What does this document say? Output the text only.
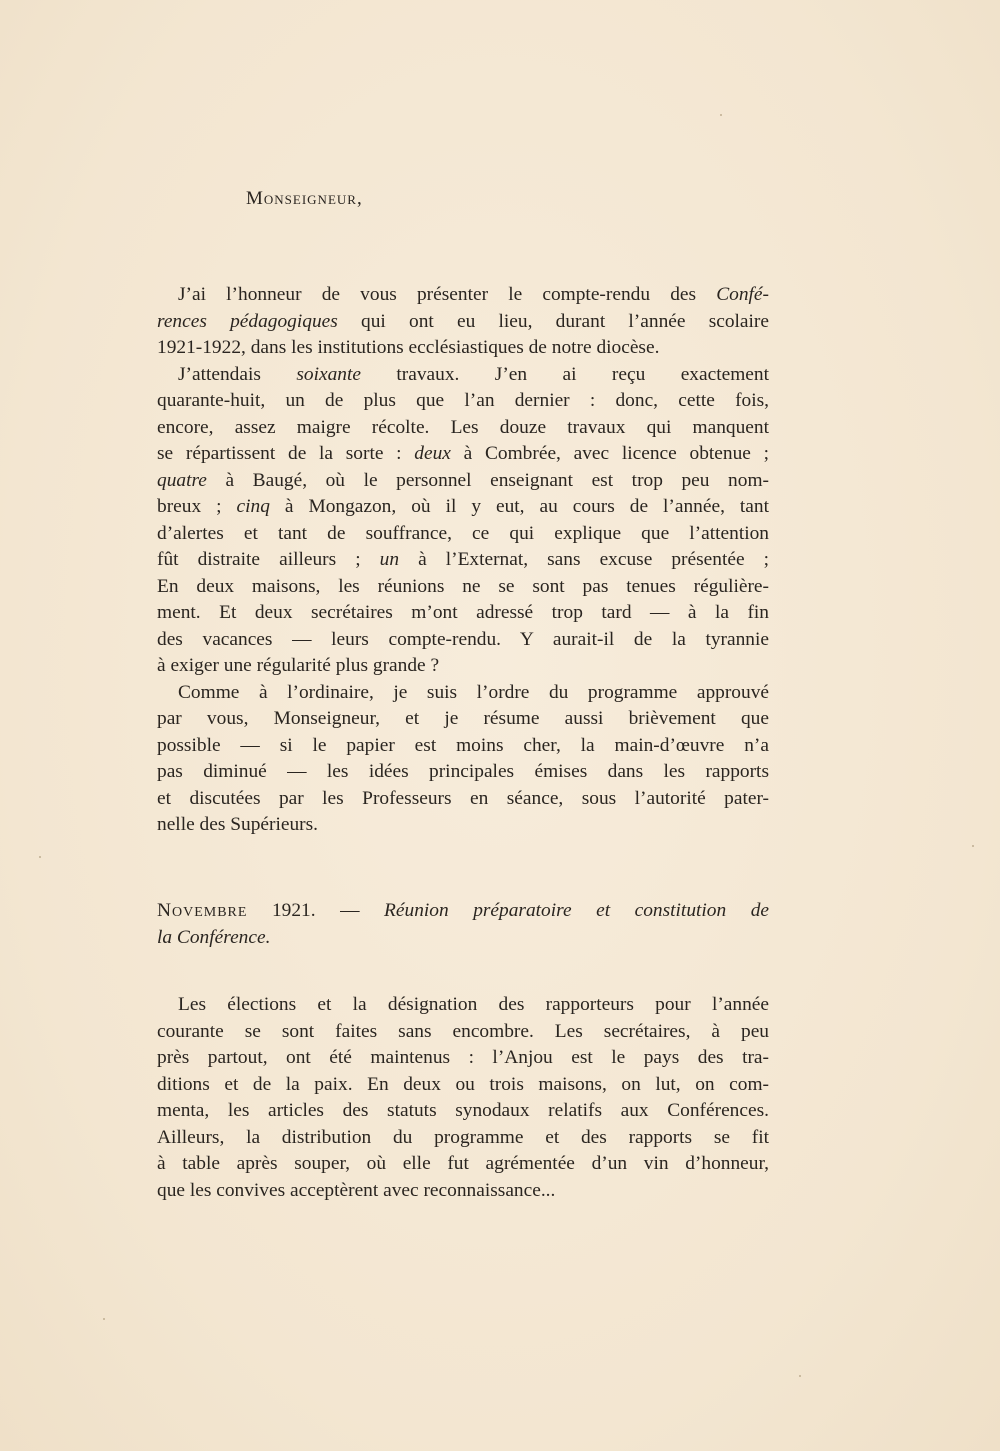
Monseigneur,
J’ai l’honneur de vous présenter le compte-rendu des Confé-
rences pédagogiques qui ont eu lieu, durant l’année scolaire
1921-1922, dans les institutions ecclésiastiques de notre diocèse.
J’attendais soixante travaux. J’en ai reçu exactement
quarante-huit, un de plus que l’an dernier : donc, cette fois,
encore, assez maigre récolte. Les douze travaux qui manquent
se répartissent de la sorte : deux à Combrée, avec licence obtenue ;
quatre à Baugé, où le personnel enseignant est trop peu nom-
breux ; cinq à Mongazon, où il y eut, au cours de l’année, tant
d’alertes et tant de souffrance, ce qui explique que l’attention
fût distraite ailleurs ; un à l’Externat, sans excuse présentée ;
En deux maisons, les réunions ne se sont pas tenues régulière-
ment. Et deux secrétaires m’ont adressé trop tard — à la fin
des vacances — leurs compte-rendu. Y aurait-il de la tyrannie
à exiger une régularité plus grande ?
Comme à l’ordinaire, je suis l’ordre du programme approuvé
par vous, Monseigneur, et je résume aussi brièvement que
possible — si le papier est moins cher, la main-d’œuvre n’a
pas diminué — les idées principales émises dans les rapports
et discutées par les Professeurs en séance, sous l’autorité pater-
nelle des Supérieurs.
Novembre 1921. — Réunion préparatoire et constitution de
la Conférence.
Les élections et la désignation des rapporteurs pour l’année
courante se sont faites sans encombre. Les secrétaires, à peu
près partout, ont été maintenus : l’Anjou est le pays des tra-
ditions et de la paix. En deux ou trois maisons, on lut, on com-
menta, les articles des statuts synodaux relatifs aux Conférences.
Ailleurs, la distribution du programme et des rapports se fit
à table après souper, où elle fut agrémentée d’un vin d’honneur,
que les convives acceptèrent avec reconnaissance...
